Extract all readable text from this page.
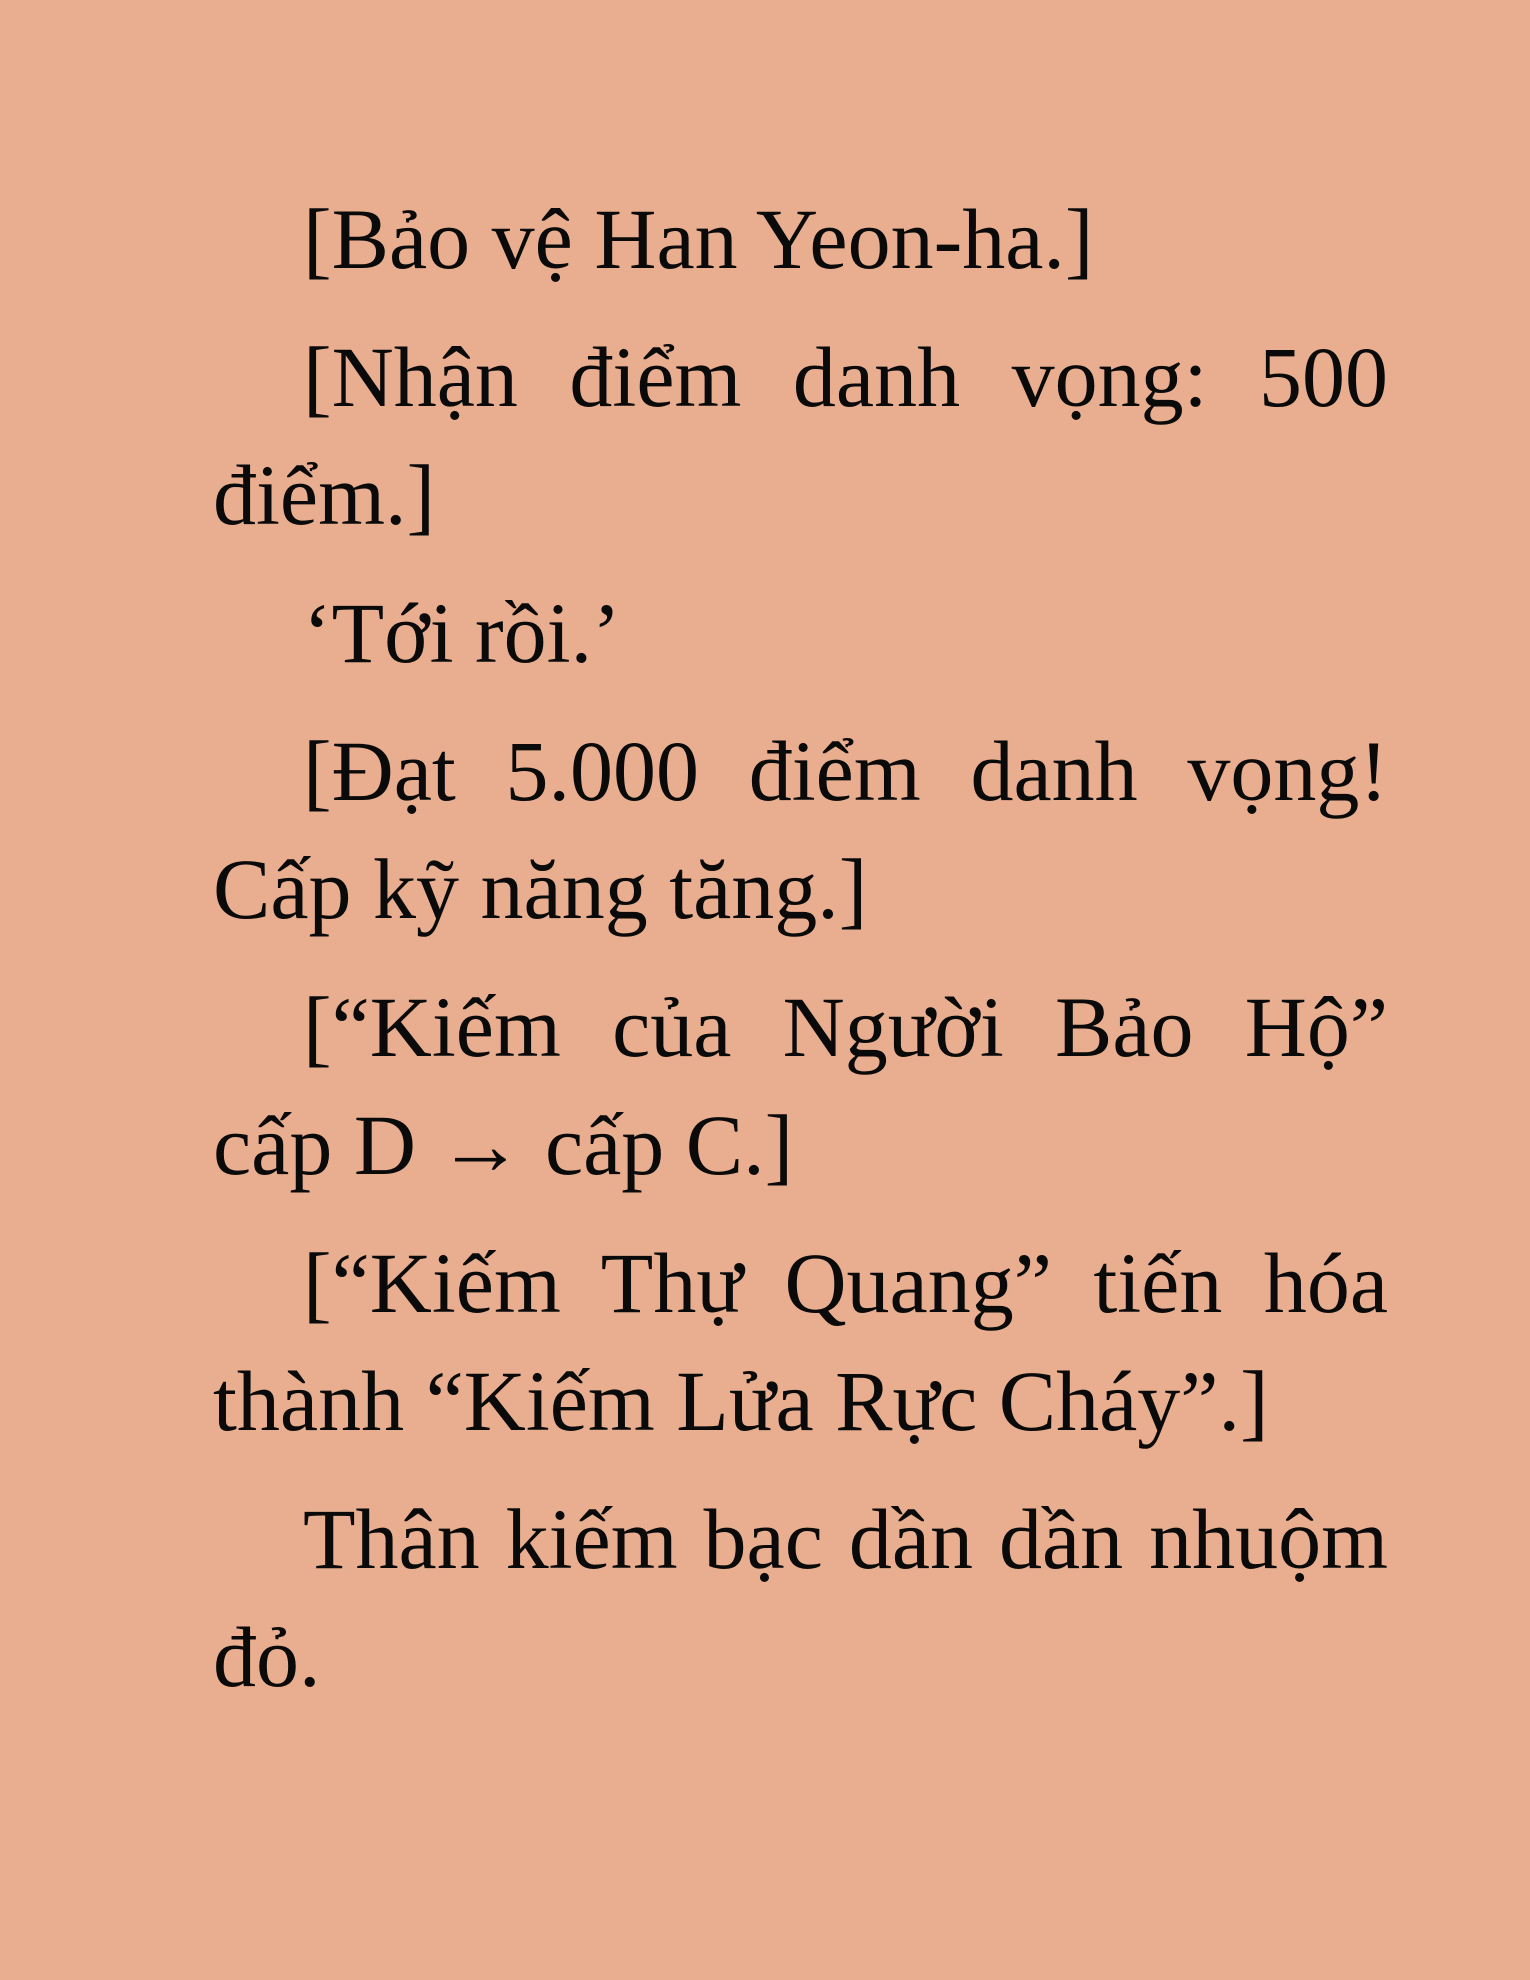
[Bảo vệ Han Yeon-ha.]

[Nhận điểm danh vọng: 500 điểm.]

‘Tới rồi.’

[Đạt 5.000 điểm danh vọng! Cấp kỹ năng tăng.]

[“Kiếm của Người Bảo Hộ” cấp D → cấp C.]

[“Kiếm Thự Quang” tiến hóa thành “Kiếm Lửa Rực Cháy”.]

Thân kiếm bạc dần dần nhuộm đỏ.
